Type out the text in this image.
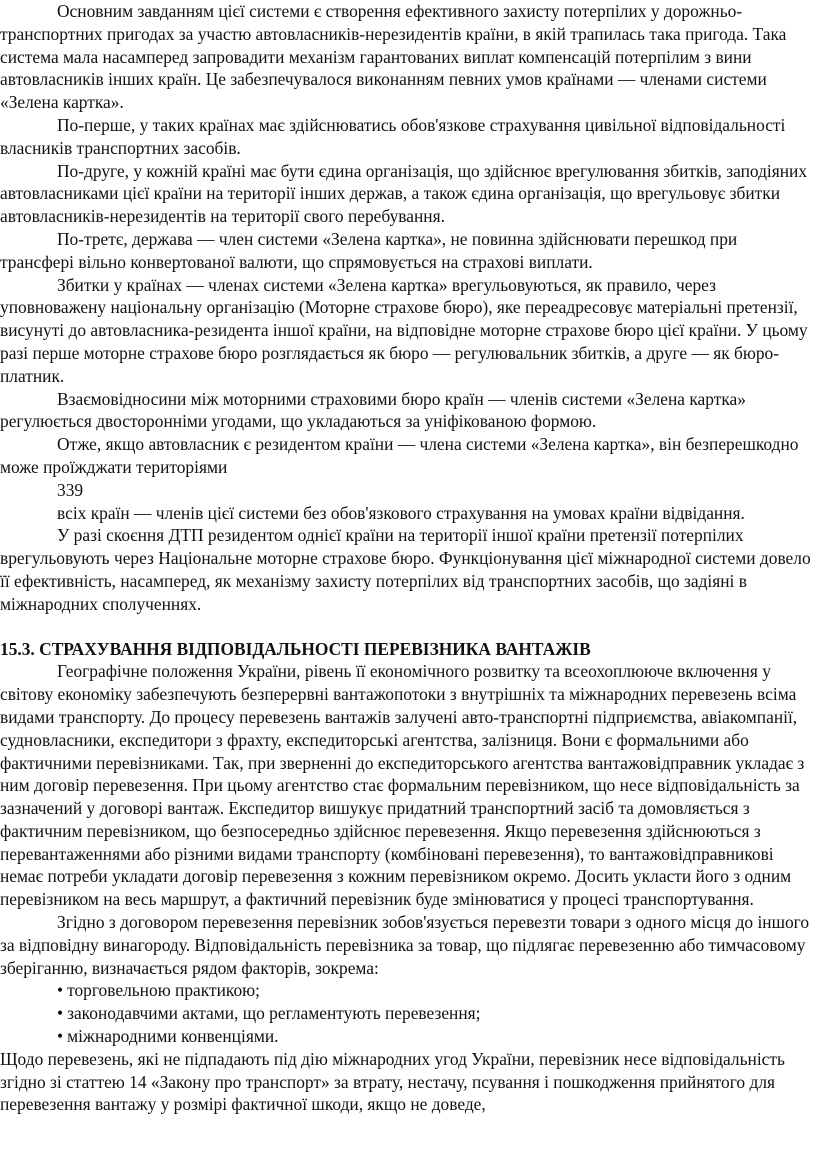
Основним завданням цієї системи є створення ефективного захисту потерпілих у дорожньо-транспортних пригодах за участю автовласників-нерезидентів країни, в якій трапилась така пригода. Така система мала насамперед запровадити механізм гарантованих виплат компенсацій потерпілим з вини автовласників інших країн. Це забезпечувалося виконанням певних умов країнами — членами системи «Зелена картка».

По-перше, у таких країнах має здійснюватись обов'язкове страхування цивільної відповідальності власників транспортних засобів.

По-друге, у кожній країні має бути єдина організація, що здійснює врегулювання збитків, заподіяних автовласниками цієї країни на території інших держав, а також єдина організація, що врегульовує збитки автовласників-нерезидентів на території свого перебування.

По-третє, держава — член системи «Зелена картка», не повинна здійснювати перешкод при трансфері вільно конвертованої валюти, що спрямовується на страхові виплати.

Збитки у країнах — членах системи «Зелена картка» врегульовуються, як правило, через уповноважену національну організацію (Моторне страхове бюро), яке переадресовує матеріальні претензії, висунуті до автовласника-резидента іншої країни, на відповідне моторне страхове бюро цієї країни. У цьому разі перше моторне страхове бюро розглядається як бюро — регулювальник збитків, а друге — як бюро-платник.

Взаємовідносини між моторними страховими бюро країн — членів системи «Зелена картка» регулюється двосторонніми угодами, що укладаються за уніфікованою формою.

Отже, якщо автовласник є резидентом країни — члена системи «Зелена картка», він безперешкодно може проїжджати територіями

339

всіх країн — членів цієї системи без обов'язкового страхування на умовах країни відвідання.

У разі скоєння ДТП резидентом однієї країни на території іншої країни претензії потерпілих врегульовують через Національне моторне страхове бюро. Функціонування цієї міжнародної системи довело її ефективність, насамперед, як механізму захисту потерпілих від транспортних засобів, що задіяні в міжнародних сполученнях.

15.3. СТРАХУВАННЯ ВІДПОВІДАЛЬНОСТІ ПЕРЕВІЗНИКА ВАНТАЖІВ

Географічне положення України, рівень її економічного розвитку та всеохоплююче включення у світову економіку забезпечують безперервні вантажопотоки з внутрішніх та міжнародних перевезень всіма видами транспорту. До процесу перевезень вантажів залучені авто-транспортні підприємства, авіакомпанії, судновласники, експедитори з фрахту, експедиторські агентства, залізниця. Вони є формальними або фактичними перевізниками. Так, при зверненні до експедиторського агентства вантажовідправник укладає з ним договір перевезення. При цьому агентство стає формальним перевізником, що несе відповідальність за зазначений у договорі вантаж. Експедитор вишукує придатний транспортний засіб та домовляється з фактичним перевізником, що безпосередньо здійснює перевезення. Якщо перевезення здійснюються з перевантаженнями або різними видами транспорту (комбіновані перевезення), то вантажовідправникові немає потреби укладати договір перевезення з кожним перевізником окремо. Досить укласти його з одним перевізником на весь маршрут, а фактичний перевізник буде змінюватися у процесі транспортування.

Згідно з договором перевезення перевізник зобов'язується перевезти товари з одного місця до іншого за відповідну винагороду. Відповідальність перевізника за товар, що підлягає перевезенню або тимчасовому зберіганню, визначається рядом факторів, зокрема:

• торговельною практикою;
• законодавчими актами, що регламентують перевезення;
• міжнародними конвенціями.

Щодо перевезень, які не підпадають під дію міжнародних угод України, перевізник несе відповідальність згідно зі статтею 14 «Закону про транспорт» за втрату, нестачу, псування і пошкодження прийнятого для перевезення вантажу у розмірі фактичної шкоди, якщо не доведе,
